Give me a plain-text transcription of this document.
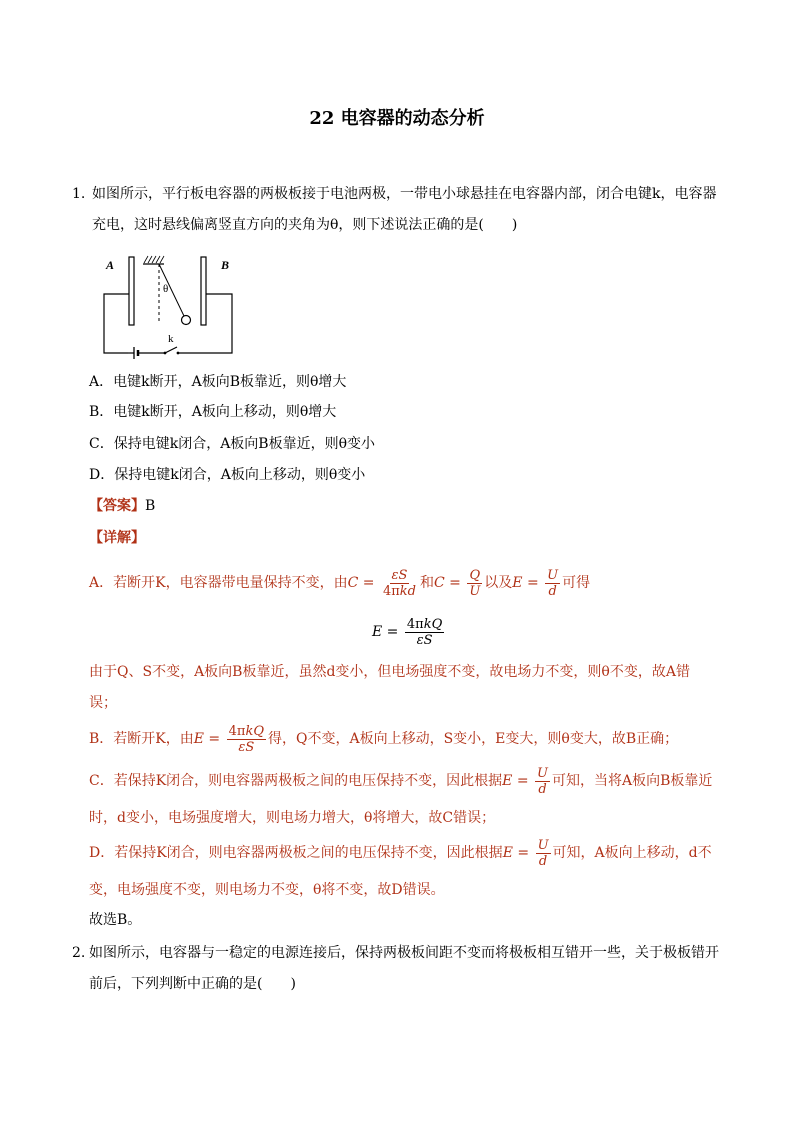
22 电容器的动态分析
1. 如图所示，平行板电容器的两极板接于电池两极，一带电小球悬挂在电容器内部，闭合电键k，电容器
充电，这时悬线偏离竖直方向的夹角为θ，则下述说法正确的是(　　)
A	B
θ
k
A．电键k断开，A板向B板靠近，则θ增大
B．电键k断开，A板向上移动，则θ增大
C．保持电键k闭合，A板向B板靠近，则θ变小
D．保持电键k闭合，A板向上移动，则θ变小
【答案】B
【详解】
A．若断开K，电容器带电量保持不变，由$C = \frac{\varepsilon S}{\text{4πkd}}$ 和$C = \frac{Q}{U}$ 以及$E = \frac{U}{d}$ 可得
$E = \frac{\text{4πkQ}}{\varepsilon S}$
由于Q、S不变，A板向B板靠近，虽然d变小，但电场强度不变，故电场力不变，则θ不变，故A错
误；
B．若断开K，由$E = \frac{\text{4πkQ}}{\varepsilon S}$ 得，Q不变，A板向上移动，S变小，E变大，则θ变大，故B正确；
C．若保持K闭合，则电容器两极板之间的电压保持不变，因此根据$E = \frac{U}{d}$ 可知，当将A板向B板靠近
时，d变小，电场强度增大，则电场力增大，θ将增大，故C错误；
D．若保持K闭合，则电容器两极板之间的电压保持不变，因此根据$E = \frac{U}{d}$ 可知，A板向上移动，d不
变，电场强度不变，则电场力不变，θ将不变，故D错误。
故选B。
2. 如图所示，电容器与一稳定的电源连接后，保持两极板间距不变而将极板相互错开一些，关于极板错开
前后，下列判断中正确的是(　　)
